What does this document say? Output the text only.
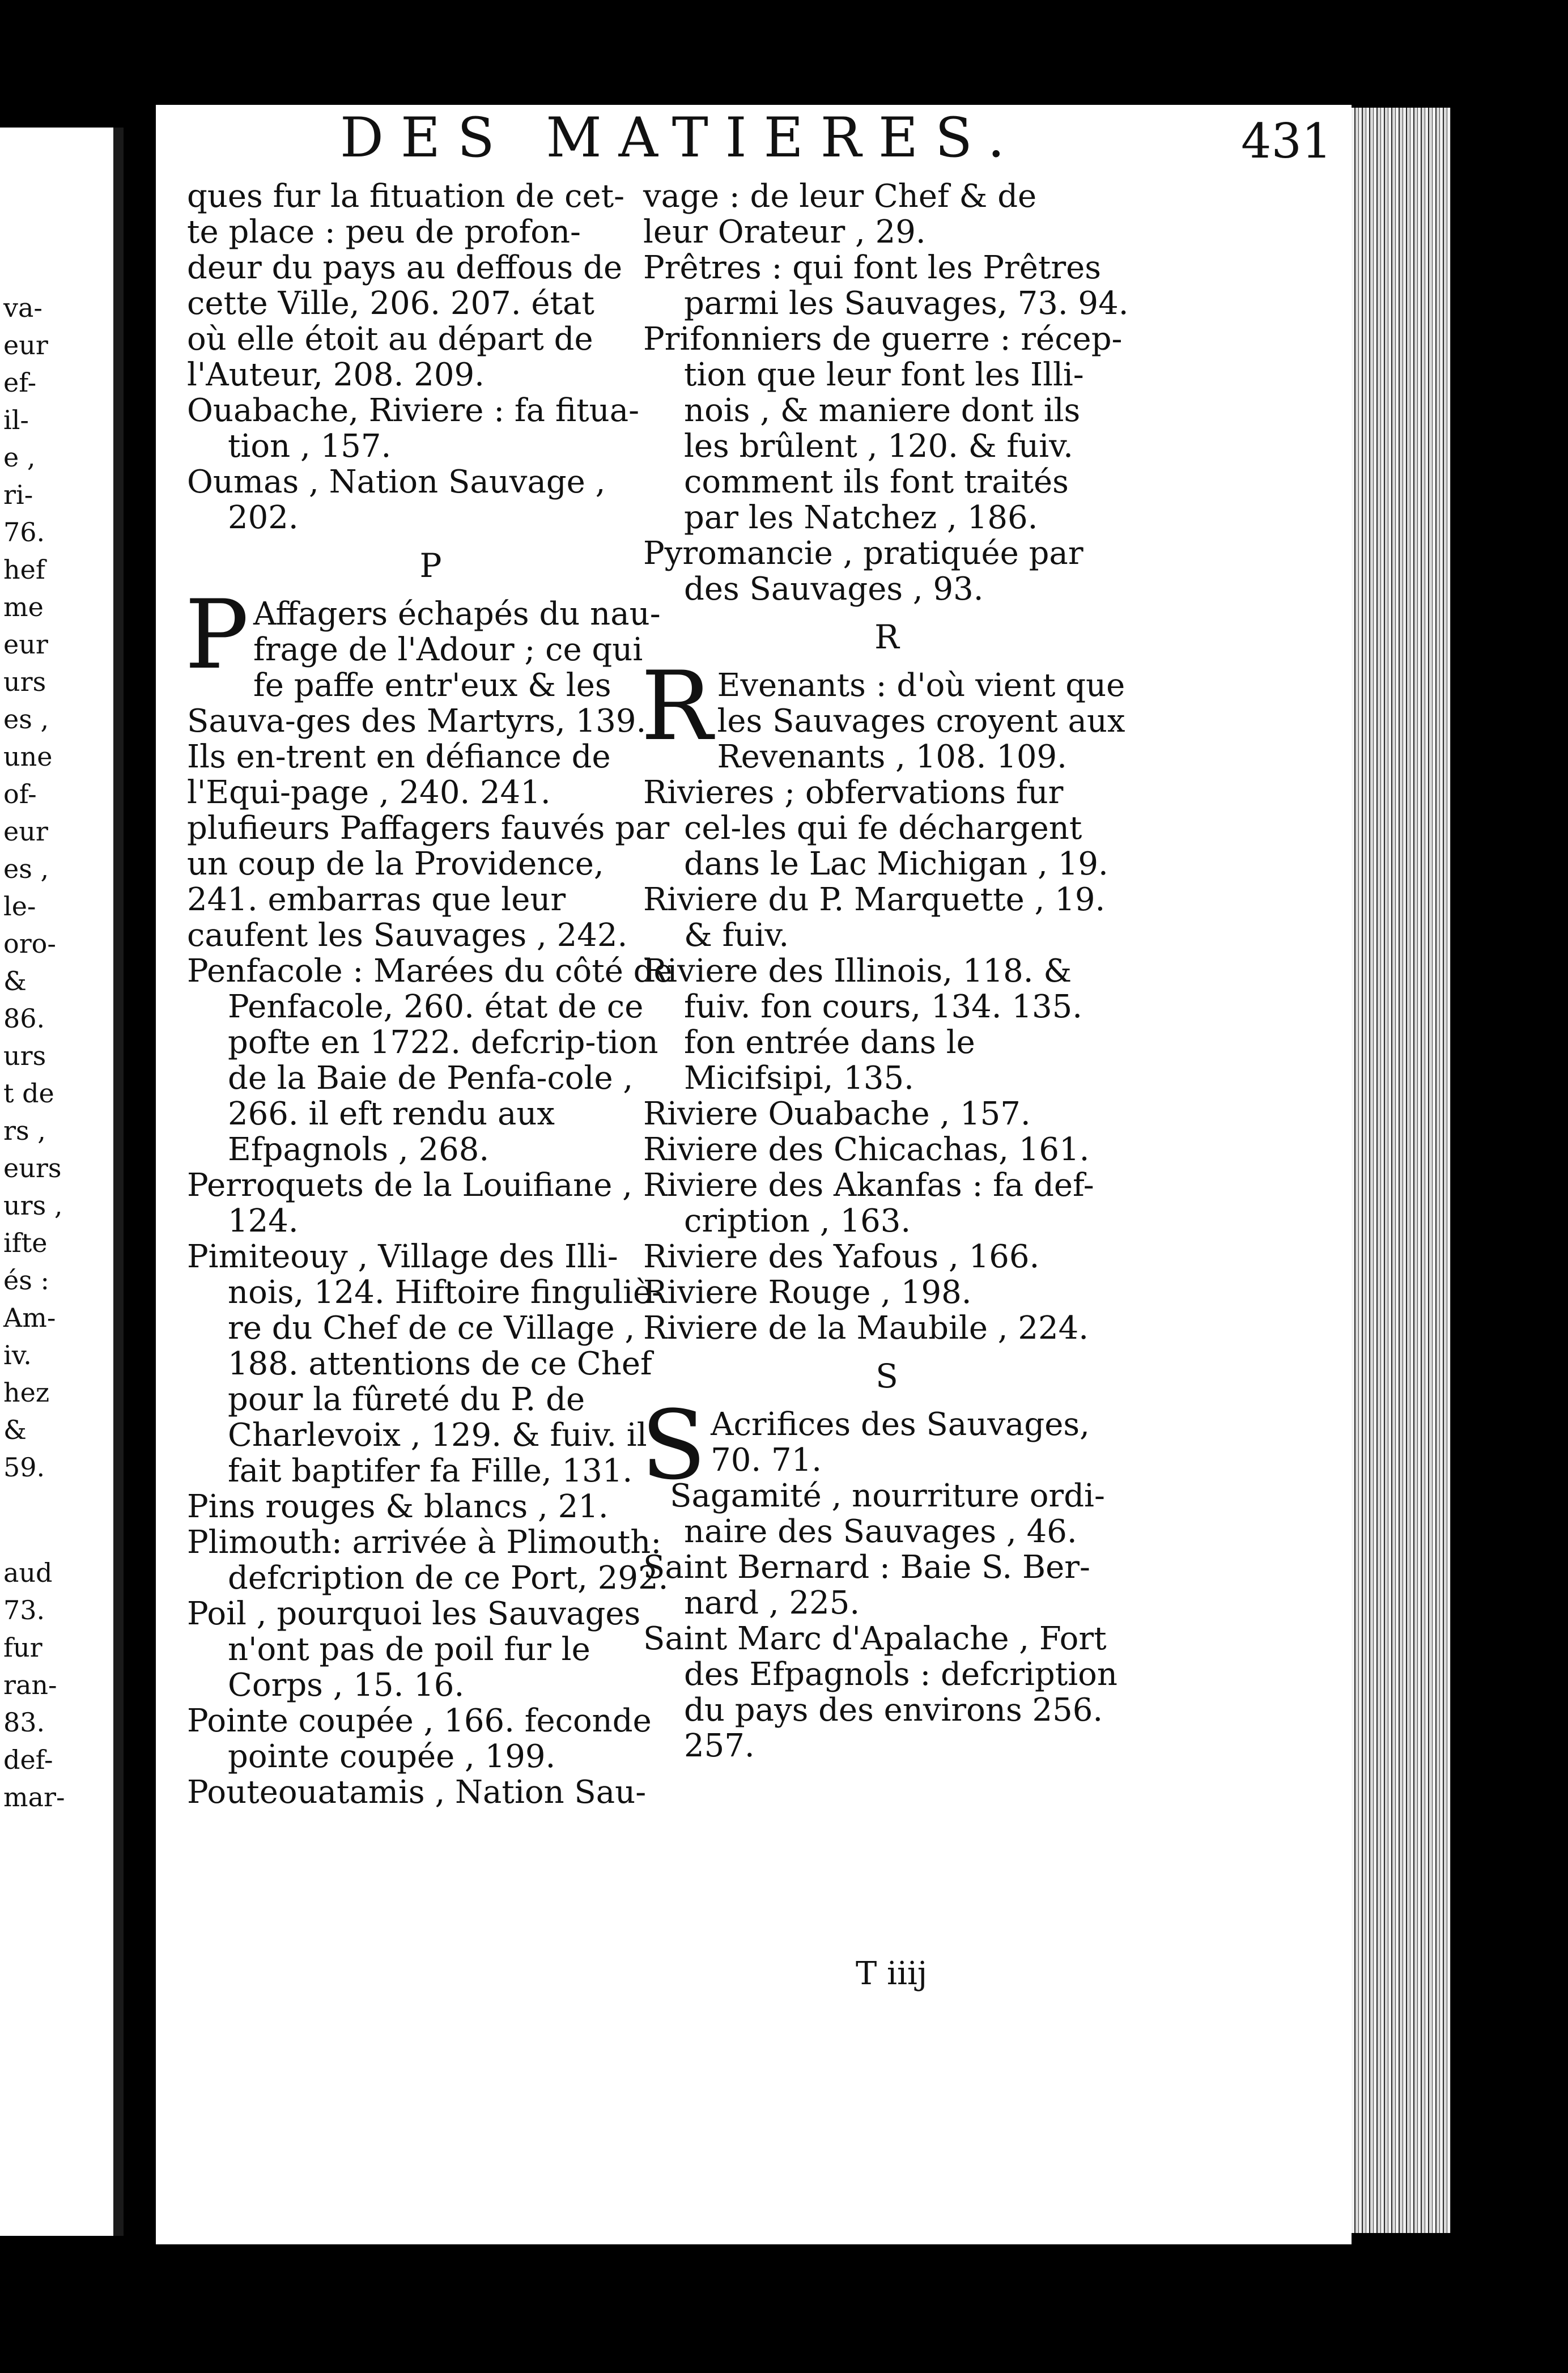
va-
eur
ef-
il-
e ,
ri-
76.
hef
me
eur
urs
es ,
une
of-
eur
es ,
le-
oro-
&
86.
urs
t de
rs ,
eurs
urs ,
ifte
és :
Am-
iv.
hez
&
59.
aud
73.
fur
ran-
83.
def-
mar-
DES MATIERES.	431

ques fur la fituation de cet-

te place : peu de profon-

deur du pays au deffous de

cette Ville, 206. 207. état

où elle étoit au départ de

l'Auteur, 208. 209.

Ouabache, Riviere : fa fitua-tion , 157.

Oumas , Nation Sauvage , 202.

P

P Affagers échapés du nau-frage de l'Adour ; ce qui fe paffe entr'eux & les Sauva-ges des Martyrs, 139. Ils en-trent en défiance de l'Equi-page , 240. 241. plufieurs Paffagers fauvés par un coup de la Providence, 241. embarras que leur caufent les Sauvages , 242.

Penfacole : Marées du côté de Penfacole, 260. état de ce pofte en 1722. defcrip-tion de la Baie de Penfa-cole , 266. il eft rendu aux Efpagnols , 268.

Perroquets de la Louifiane , 124.

Pimiteouy , Village des Illi-nois, 124. Hiftoire finguliè-re du Chef de ce Village , 188. attentions de ce Chef pour la fûreté du P. de Charlevoix , 129. & fuiv. il fait baptifer fa Fille, 131.

Pins rouges & blancs , 21.

Plimouth: arrivée à Plimouth: defcription de ce Port, 292.

Poil , pourquoi les Sauvages n'ont pas de poil fur le Corps , 15. 16.

Pointe coupée , 166. feconde pointe coupée , 199.

Pouteouatamis , Nation Sau-

vage : de leur Chef & de

leur Orateur , 29.

Prêtres : qui font les Prêtres parmi les Sauvages, 73. 94.

Prifonniers de guerre : récep-tion que leur font les Illi-nois , & maniere dont ils les brûlent , 120. & fuiv. comment ils font traités par les Natchez , 186.

Pyromancie , pratiquée par des Sauvages , 93.

R

R Evenants : d'où vient que les Sauvages croyent aux Revenants , 108. 109.

Rivieres ; obfervations fur cel-les qui fe déchargent dans le Lac Michigan , 19.

Riviere du P. Marquette , 19. & fuiv.

Riviere des Illinois, 118. & fuiv. fon cours, 134. 135. fon entrée dans le Micifsipi, 135.

Riviere Ouabache , 157.

Riviere des Chicachas, 161.

Riviere des Akanfas : fa def-cription , 163.

Riviere des Yafous , 166.

Riviere Rouge , 198.

Riviere de la Maubile , 224.

S

S Acrifices des Sauvages, 70. 71.

Sagamité , nourriture ordi-naire des Sauvages , 46.

Saint Bernard : Baie S. Ber-nard , 225.

Saint Marc d'Apalache , Fort des Efpagnols : defcription du pays des environs 256. 257.

T iiij
